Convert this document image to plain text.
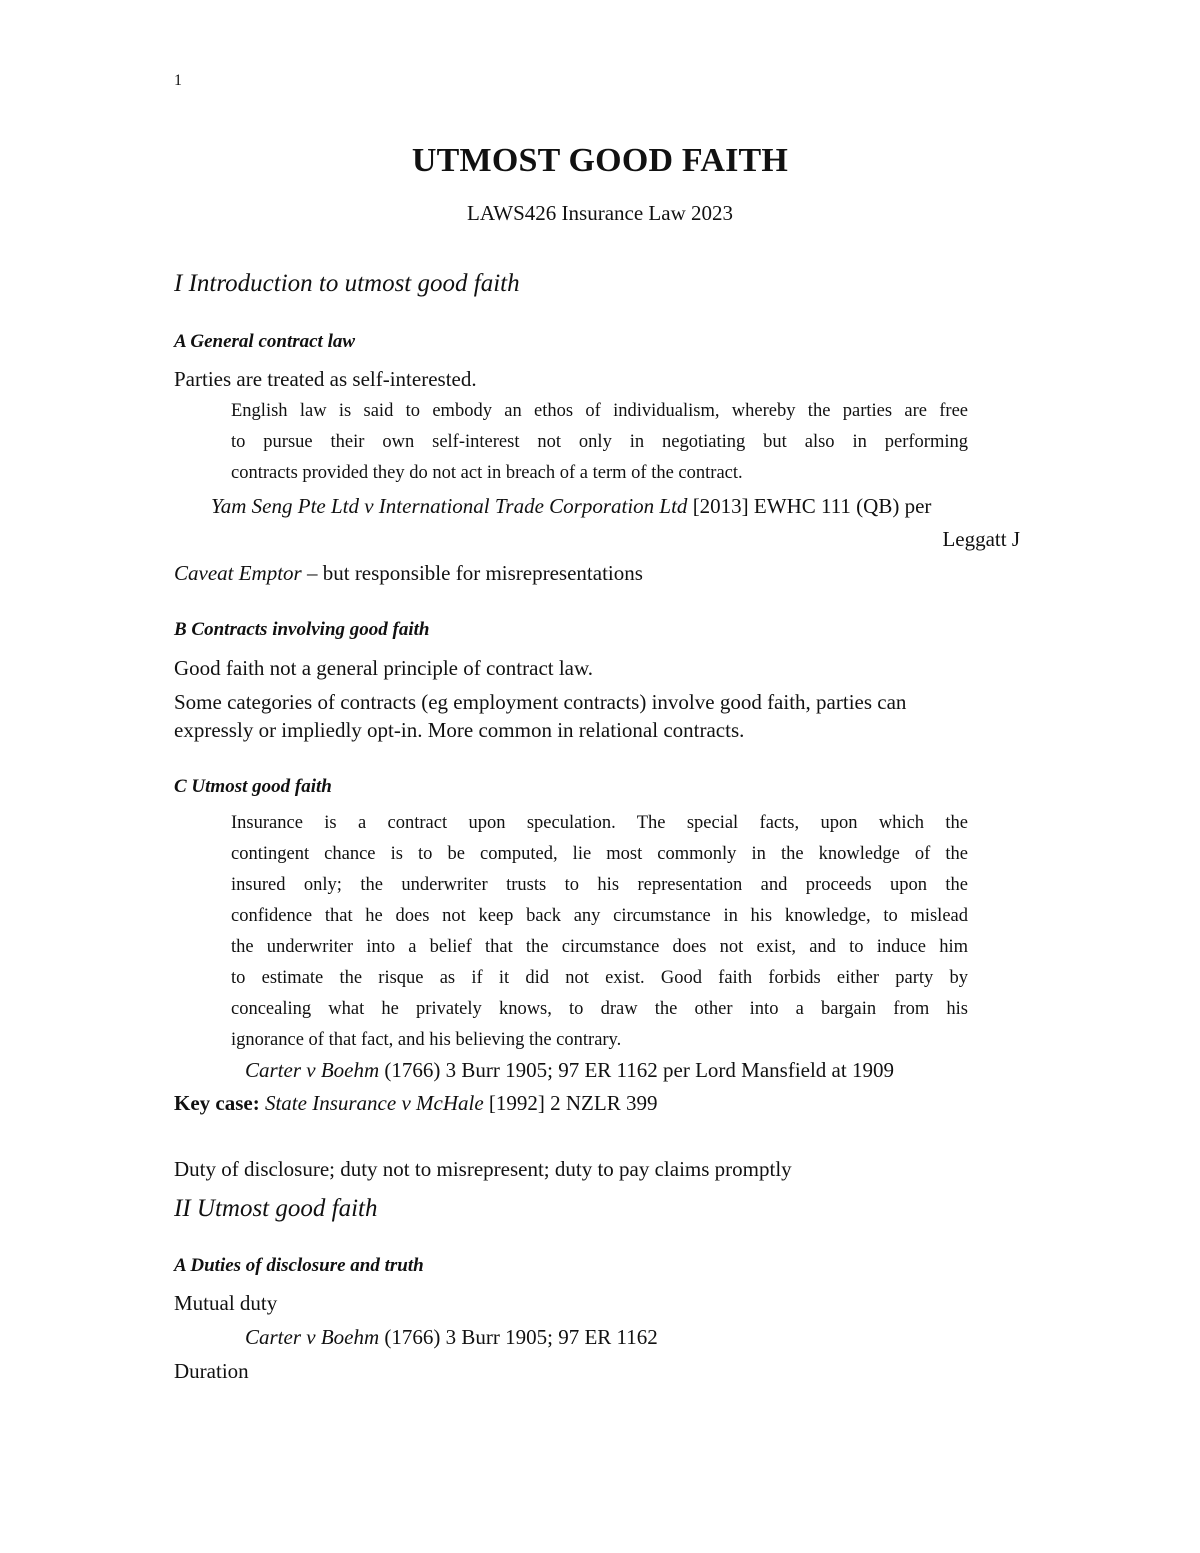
1
UTMOST GOOD FAITH
LAWS426 Insurance Law 2023
I Introduction to utmost good faith
A General contract law
Parties are treated as self-interested.
English law is said to embody an ethos of individualism, whereby the parties are free
to pursue their own self-interest not only in negotiating but also in performing
contracts provided they do not act in breach of a term of the contract.
Yam Seng Pte Ltd v International Trade Corporation Ltd [2013] EWHC 111 (QB) per
Leggatt J
Caveat Emptor – but responsible for misrepresentations
B Contracts involving good faith
Good faith not a general principle of contract law.
Some categories of contracts (eg employment contracts) involve good faith, parties can
expressly or impliedly opt-in. More common in relational contracts.
C Utmost good faith
Insurance is a contract upon speculation. The special facts, upon which the
contingent chance is to be computed, lie most commonly in the knowledge of the
insured only; the underwriter trusts to his representation and proceeds upon the
confidence that he does not keep back any circumstance in his knowledge, to mislead
the underwriter into a belief that the circumstance does not exist, and to induce him
to estimate the risque as if it did not exist. Good faith forbids either party by
concealing what he privately knows, to draw the other into a bargain from his
ignorance of that fact, and his believing the contrary.
Carter v Boehm (1766) 3 Burr 1905; 97 ER 1162 per Lord Mansfield at 1909
Key case: State Insurance v McHale [1992] 2 NZLR 399
Duty of disclosure; duty not to misrepresent; duty to pay claims promptly
II Utmost good faith
A Duties of disclosure and truth
Mutual duty
Carter v Boehm (1766) 3 Burr 1905; 97 ER 1162
Duration
